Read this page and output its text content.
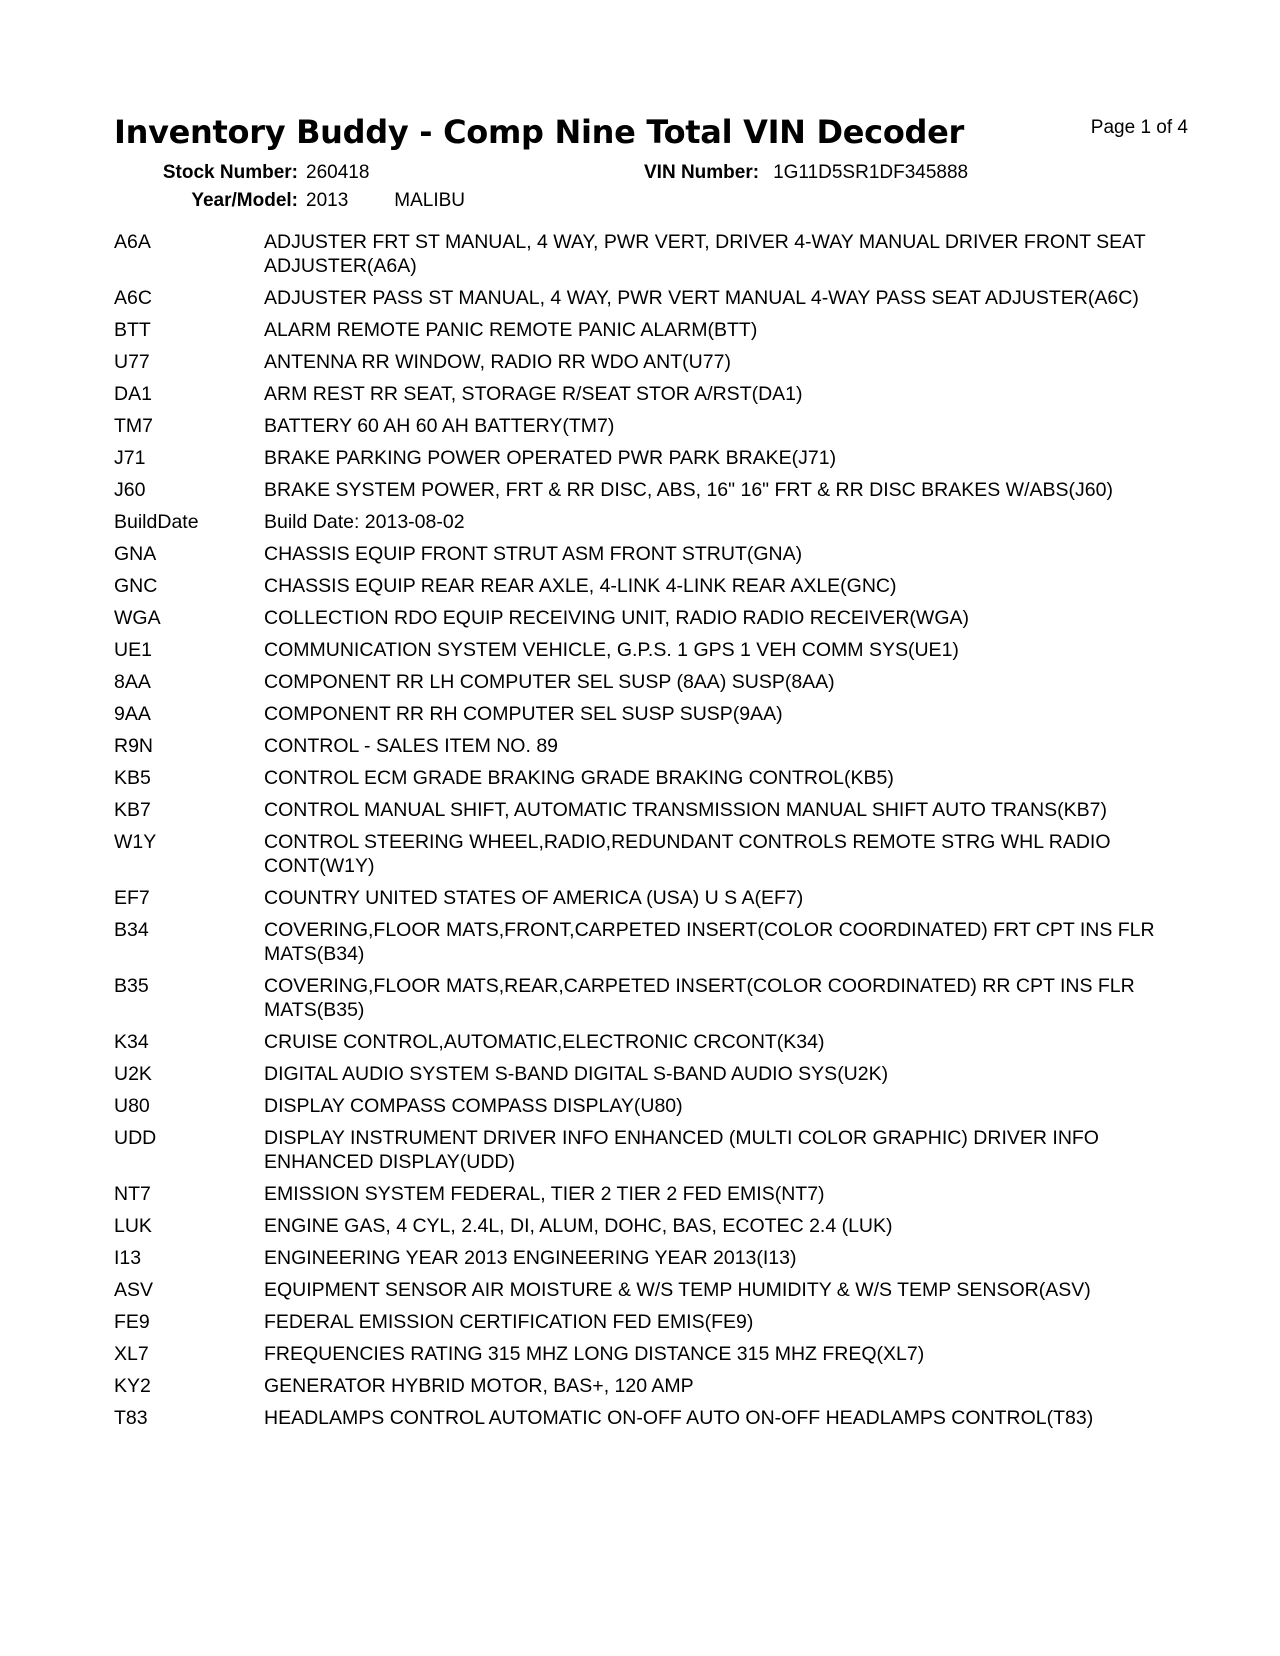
Inventory Buddy - Comp Nine Total VIN Decoder	Page 1 of 4
Stock Number: 260418
Year/Model: 2013 MALIBU
VIN Number: 1G11D5SR1DF345888
A6A	ADJUSTER FRT ST MANUAL, 4 WAY, PWR VERT, DRIVER 4-WAY MANUAL DRIVER FRONT SEAT ADJUSTER(A6A)
A6C	ADJUSTER PASS ST MANUAL, 4 WAY, PWR VERT MANUAL 4-WAY PASS SEAT ADJUSTER(A6C)
BTT	ALARM REMOTE PANIC REMOTE PANIC ALARM(BTT)
U77	ANTENNA RR WINDOW, RADIO RR WDO ANT(U77)
DA1	ARM REST RR SEAT, STORAGE R/SEAT STOR A/RST(DA1)
TM7	BATTERY 60 AH 60 AH BATTERY(TM7)
J71	BRAKE PARKING POWER OPERATED PWR PARK BRAKE(J71)
J60	BRAKE SYSTEM POWER, FRT & RR DISC, ABS, 16" 16" FRT & RR DISC BRAKES W/ABS(J60)
BuildDate	Build Date: 2013-08-02
GNA	CHASSIS EQUIP FRONT STRUT ASM FRONT STRUT(GNA)
GNC	CHASSIS EQUIP REAR REAR AXLE, 4-LINK 4-LINK REAR AXLE(GNC)
WGA	COLLECTION RDO EQUIP RECEIVING UNIT, RADIO RADIO RECEIVER(WGA)
UE1	COMMUNICATION SYSTEM VEHICLE, G.P.S. 1 GPS 1 VEH COMM SYS(UE1)
8AA	COMPONENT RR LH COMPUTER SEL SUSP (8AA) SUSP(8AA)
9AA	COMPONENT RR RH COMPUTER SEL SUSP SUSP(9AA)
R9N	CONTROL - SALES ITEM NO. 89
KB5	CONTROL ECM GRADE BRAKING GRADE BRAKING CONTROL(KB5)
KB7	CONTROL MANUAL SHIFT, AUTOMATIC TRANSMISSION MANUAL SHIFT AUTO TRANS(KB7)
W1Y	CONTROL STEERING WHEEL,RADIO,REDUNDANT CONTROLS REMOTE STRG WHL RADIO CONT(W1Y)
EF7	COUNTRY UNITED STATES OF AMERICA (USA) U S A(EF7)
B34	COVERING,FLOOR MATS,FRONT,CARPETED INSERT(COLOR COORDINATED) FRT CPT INS FLR MATS(B34)
B35	COVERING,FLOOR MATS,REAR,CARPETED INSERT(COLOR COORDINATED) RR CPT INS FLR MATS(B35)
K34	CRUISE CONTROL,AUTOMATIC,ELECTRONIC CRCONT(K34)
U2K	DIGITAL AUDIO SYSTEM S-BAND DIGITAL S-BAND AUDIO SYS(U2K)
U80	DISPLAY COMPASS COMPASS DISPLAY(U80)
UDD	DISPLAY INSTRUMENT DRIVER INFO ENHANCED (MULTI COLOR GRAPHIC) DRIVER INFO ENHANCED DISPLAY(UDD)
NT7	EMISSION SYSTEM FEDERAL, TIER 2 TIER 2 FED EMIS(NT7)
LUK	ENGINE GAS, 4 CYL, 2.4L, DI, ALUM, DOHC, BAS, ECOTEC 2.4 (LUK)
I13	ENGINEERING YEAR 2013 ENGINEERING YEAR 2013(I13)
ASV	EQUIPMENT SENSOR AIR MOISTURE & W/S TEMP HUMIDITY & W/S TEMP SENSOR(ASV)
FE9	FEDERAL EMISSION CERTIFICATION FED EMIS(FE9)
XL7	FREQUENCIES RATING 315 MHZ LONG DISTANCE 315 MHZ FREQ(XL7)
KY2	GENERATOR HYBRID MOTOR, BAS+, 120 AMP
T83	HEADLAMPS CONTROL AUTOMATIC ON-OFF AUTO ON-OFF HEADLAMPS CONTROL(T83)
